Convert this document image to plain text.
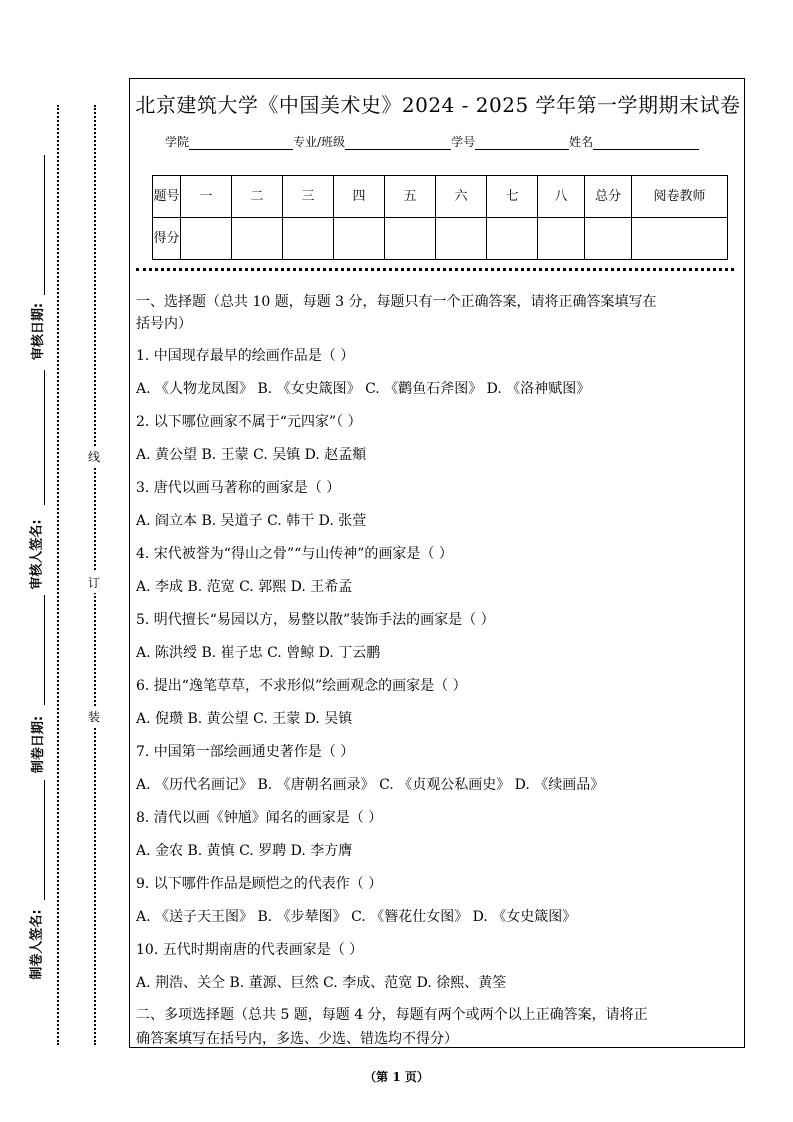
审核日期:
审核人签名:
制卷日期:
制卷人签名:
线
订
装
北京建筑大学《中国美术史》2024 - 2025 学年第一学期期末试卷
学院	专业/班级	学号	姓名
题号	一	二	三	四	五	六	七	八	总分	阅卷教师
得分										
一、选择题（总共 10 题，每题 3 分，每题只有一个正确答案，请将正确答案填写在
括号内）
1. 中国现存最早的绘画作品是（ ）
A. 《人物龙凤图》 B. 《女史箴图》 C. 《鹳鱼石斧图》 D. 《洛神赋图》
2. 以下哪位画家不属于“元四家”（ ）
A. 黄公望 B. 王蒙 C. 吴镇 D. 赵孟頫
3. 唐代以画马著称的画家是（ ）
A. 阎立本 B. 吴道子 C. 韩干 D. 张萱
4. 宋代被誉为“得山之骨”“与山传神”的画家是（ ）
A. 李成 B. 范宽 C. 郭熙 D. 王希孟
5. 明代擅长“易园以方，易整以散”装饰手法的画家是（ ）
A. 陈洪绶 B. 崔子忠 C. 曾鲸 D. 丁云鹏
6. 提出“逸笔草草，不求形似”绘画观念的画家是（ ）
A. 倪瓒 B. 黄公望 C. 王蒙 D. 吴镇
7. 中国第一部绘画通史著作是（ ）
A. 《历代名画记》 B. 《唐朝名画录》 C. 《贞观公私画史》 D. 《续画品》
8. 清代以画《钟馗》闻名的画家是（ ）
A. 金农 B. 黄慎 C. 罗聘 D. 李方膺
9. 以下哪件作品是顾恺之的代表作（ ）
A. 《送子天王图》 B. 《步辇图》 C. 《簪花仕女图》 D. 《女史箴图》
10. 五代时期南唐的代表画家是（ ）
A. 荆浩、关仝 B. 董源、巨然 C. 李成、范宽 D. 徐熙、黄筌
二、多项选择题（总共 5 题，每题 4 分，每题有两个或两个以上正确答案，请将正
确答案填写在括号内，多选、少选、错选均不得分）
（第 1 页）
